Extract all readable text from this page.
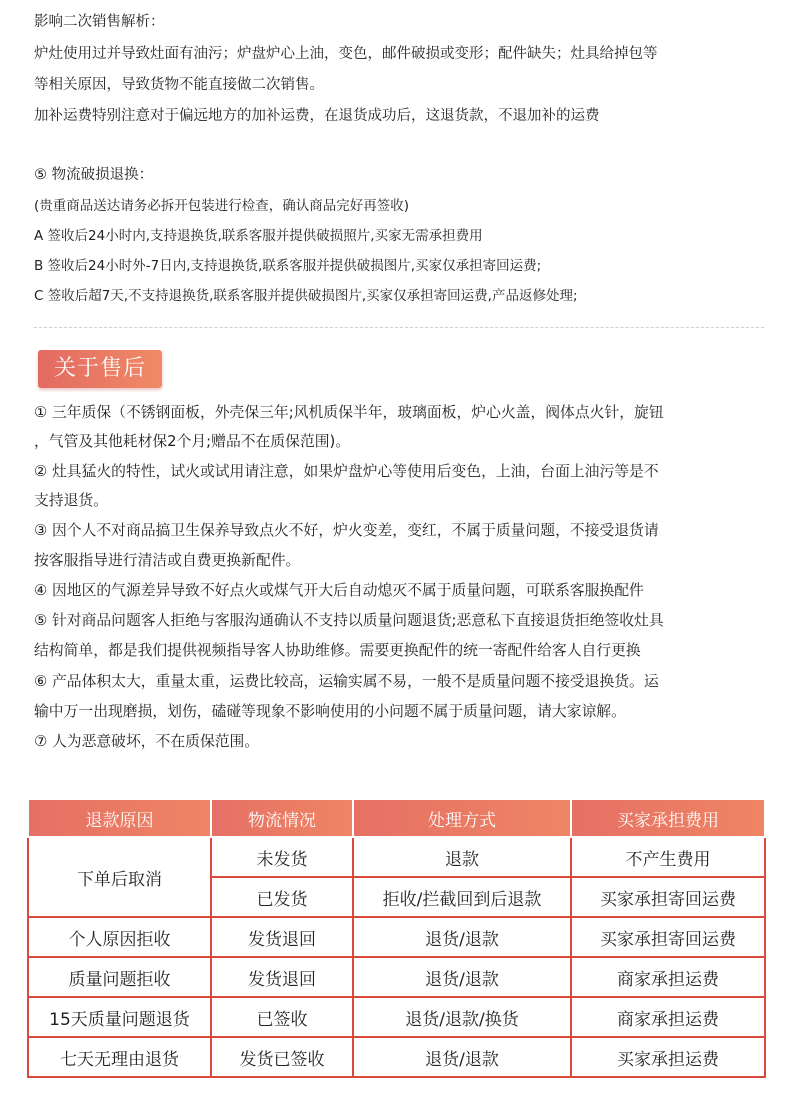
影响二次销售解析：

炉灶使用过并导致灶面有油污；炉盘炉心上油，变色，邮件破损或变形；配件缺失；灶具给掉包等

等相关原因，导致货物不能直接做二次销售。

加补运费特别注意对于偏远地方的加补运费，在退货成功后，这退货款，不退加补的运费

⑤ 物流破损退换：

(贵重商品送达请务必拆开包装进行检查，确认商品完好再签收)

A 签收后24小时内,支持退换货,联系客服并提供破损照片,买家无需承担费用

B 签收后24小时外-7日内,支持退换货,联系客服并提供破损图片,买家仅承担寄回运费;

C 签收后超7天,不支持退换货,联系客服并提供破损图片,买家仅承担寄回运费,产品返修处理;

关于售后

① 三年质保（不锈钢面板，外壳保三年;风机质保半年，玻璃面板，炉心火盖，阀体点火针，旋钮

，气管及其他耗材保2个月;赠品不在质保范围)。

② 灶具猛火的特性，试火或试用请注意，如果炉盘炉心等使用后变色，上油，台面上油污等是不

支持退货。

③ 因个人不对商品搞卫生保养导致点火不好，炉火变差，变红，不属于质量问题，不接受退货请

按客服指导进行清洁或自费更换新配件。

④ 因地区的气源差异导致不好点火或煤气开大后自动熄灭不属于质量问题，可联系客服换配件

⑤ 针对商品问题客人拒绝与客服沟通确认不支持以质量问题退货;恶意私下直接退货拒绝签收灶具

结构简单，都是我们提供视频指导客人协助维修。需要更换配件的统一寄配件给客人自行更换

⑥ 产品体积太大，重量太重，运费比较高，运输实属不易，一般不是质量问题不接受退换货。运

输中万一出现磨损，划伤，磕碰等现象不影响使用的小问题不属于质量问题，请大家谅解。

⑦ 人为恶意破坏，不在质保范围。

退款原因	物流情况	处理方式	买家承担费用
下单后取消	未发货	退款	不产生费用
	已发货	拒收/拦截回到后退款	买家承担寄回运费
个人原因拒收	发货退回	退货/退款	买家承担寄回运费
质量问题拒收	发货退回	退货/退款	商家承担运费
15天质量问题退货	已签收	退货/退款/换货	商家承担运费
七天无理由退货	发货已签收	退货/退款	买家承担运费
